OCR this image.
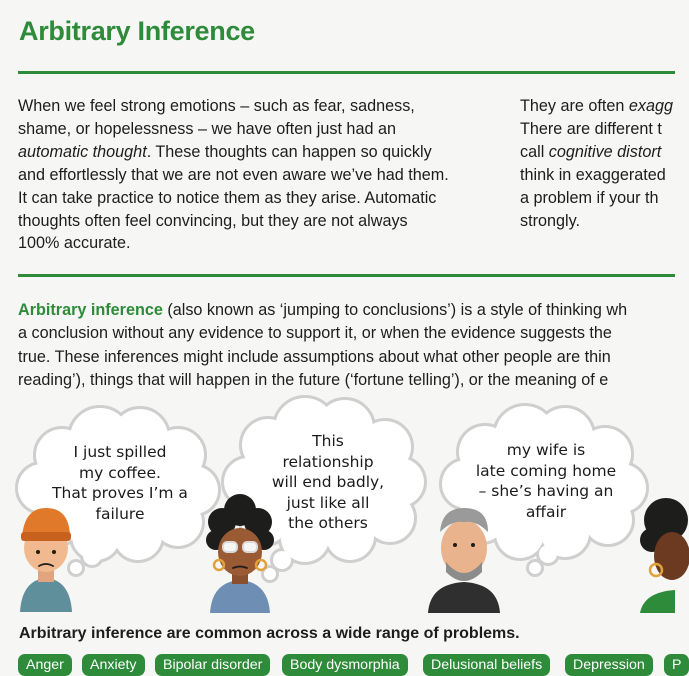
Arbitrary Inference
When we feel strong emotions – such as fear, sadness,
shame, or hopelessness – we have often just had an
automatic thought. These thoughts can happen so quickly
and effortlessly that we are not even aware we’ve had them.
It can take practice to notice them as they arise. Automatic
thoughts often feel convincing, but they are not always
100% accurate.
They are often exagg
There are different t
call cognitive distort
think in exaggerated
a problem if your th
strongly.
Arbitrary inference (also known as ‘jumping to conclusions’) is a style of thinking wh
a conclusion without any evidence to support it, or when the evidence suggests the
true. These inferences might include assumptions about what other people are thin
reading’), things that will happen in the future (‘fortune telling’), or the meaning of e
I just spilled
my coffee.
That proves I’m a
failure
This
relationship
will end badly,
just like all
the others
my wife is
late coming home
– she’s having an
affair
Arbitrary inference are common across a wide range of problems.
Anger	Anxiety	Bipolar disorder	Body dysmorphia	Delusional beliefs	Depression	P
